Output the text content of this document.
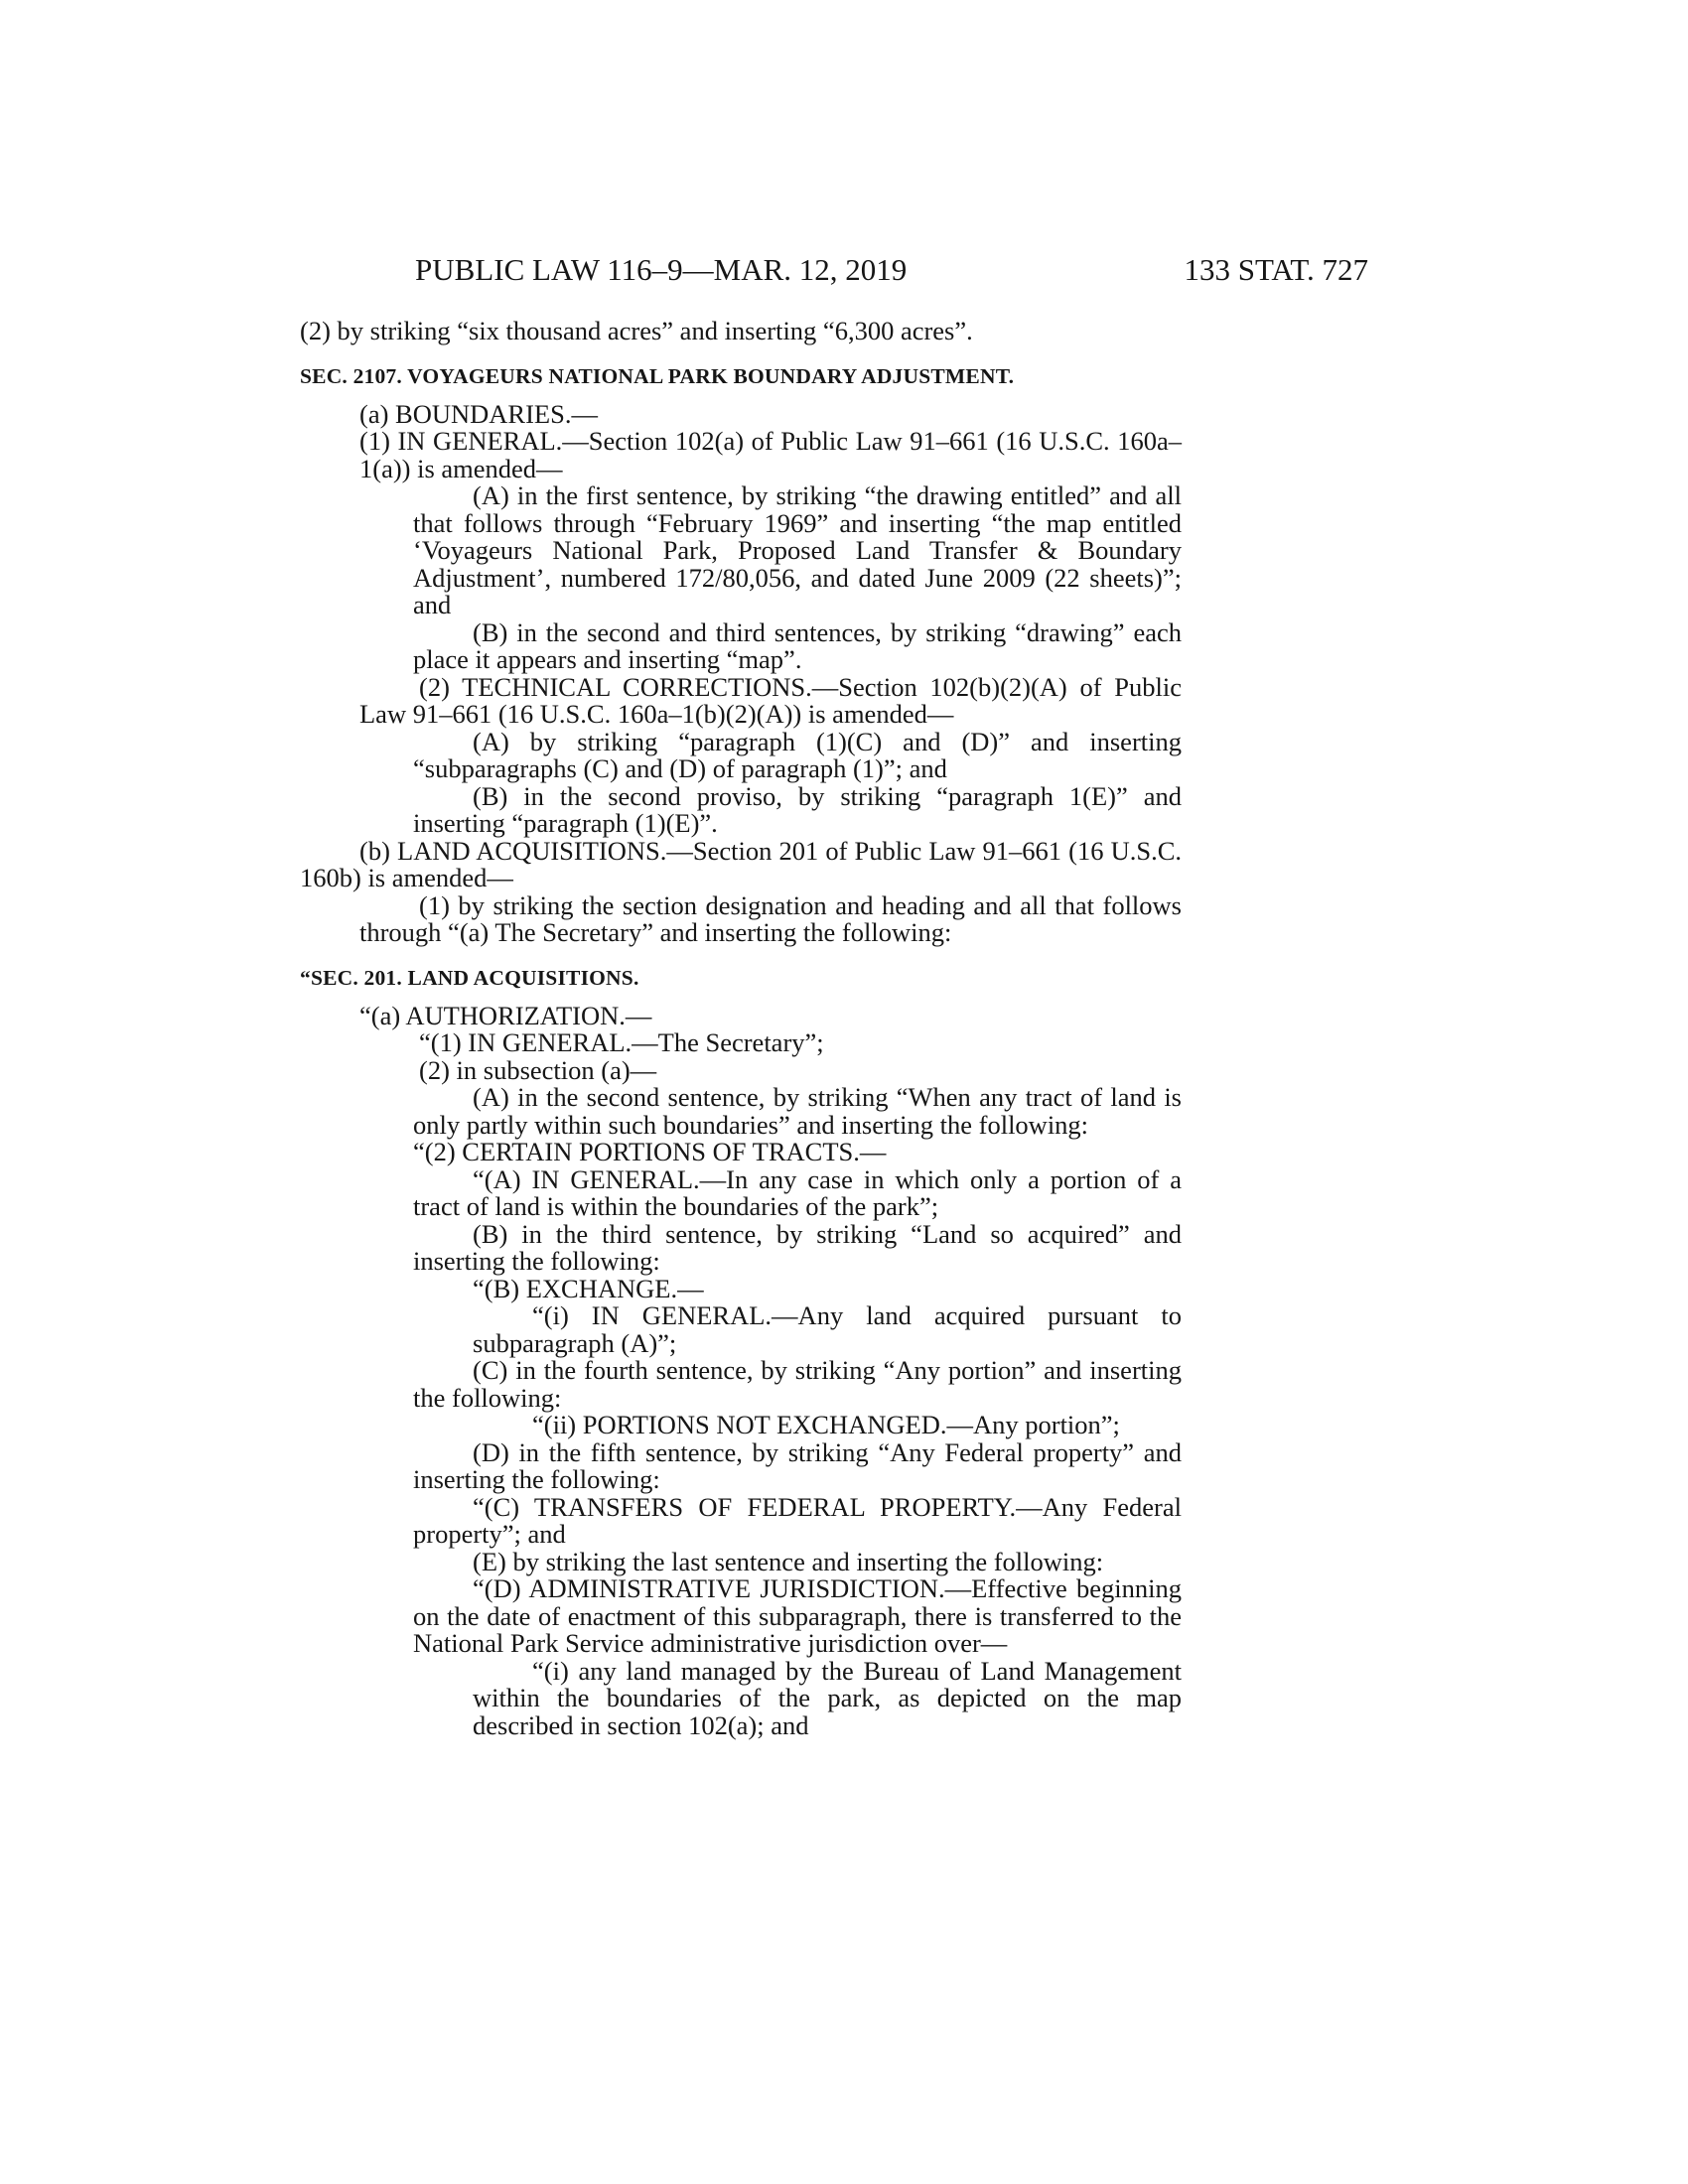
PUBLIC LAW 116–9—MAR. 12, 2019	133 STAT. 727

(2) by striking “six thousand acres” and inserting “6,300 acres”.

SEC. 2107. VOYAGEURS NATIONAL PARK BOUNDARY ADJUSTMENT.

(a) BOUNDARIES.—

(1) IN GENERAL.—Section 102(a) of Public Law 91–661 (16 U.S.C. 160a–1(a)) is amended—

(A) in the first sentence, by striking “the drawing entitled” and all that follows through “February 1969” and inserting “the map entitled ‘Voyageurs National Park, Proposed Land Transfer & Boundary Adjustment’, numbered 172/80,056, and dated June 2009 (22 sheets)”; and

(B) in the second and third sentences, by striking “drawing” each place it appears and inserting “map”.

(2) TECHNICAL CORRECTIONS.—Section 102(b)(2)(A) of Public Law 91–661 (16 U.S.C. 160a–1(b)(2)(A)) is amended—

(A) by striking “paragraph (1)(C) and (D)” and inserting “subparagraphs (C) and (D) of paragraph (1)”; and

(B) in the second proviso, by striking “paragraph 1(E)” and inserting “paragraph (1)(E)”.

(b) LAND ACQUISITIONS.—Section 201 of Public Law 91–661 (16 U.S.C. 160b) is amended—

(1) by striking the section designation and heading and all that follows through “(a) The Secretary” and inserting the following:

“SEC. 201. LAND ACQUISITIONS.

“(a) AUTHORIZATION.—

“(1) IN GENERAL.—The Secretary”;

(2) in subsection (a)—

(A) in the second sentence, by striking “When any tract of land is only partly within such boundaries” and inserting the following:

“(2) CERTAIN PORTIONS OF TRACTS.—

“(A) IN GENERAL.—In any case in which only a portion of a tract of land is within the boundaries of the park”;

(B) in the third sentence, by striking “Land so acquired” and inserting the following:

“(B) EXCHANGE.—

“(i) IN GENERAL.—Any land acquired pursuant to subparagraph (A)”;

(C) in the fourth sentence, by striking “Any portion” and inserting the following:

“(ii) PORTIONS NOT EXCHANGED.—Any portion”;

(D) in the fifth sentence, by striking “Any Federal property” and inserting the following:

“(C) TRANSFERS OF FEDERAL PROPERTY.—Any Federal property”; and

(E) by striking the last sentence and inserting the following:

“(D) ADMINISTRATIVE JURISDICTION.—Effective beginning on the date of enactment of this subparagraph, there is transferred to the National Park Service administrative jurisdiction over—

“(i) any land managed by the Bureau of Land Management within the boundaries of the park, as depicted on the map described in section 102(a); and
